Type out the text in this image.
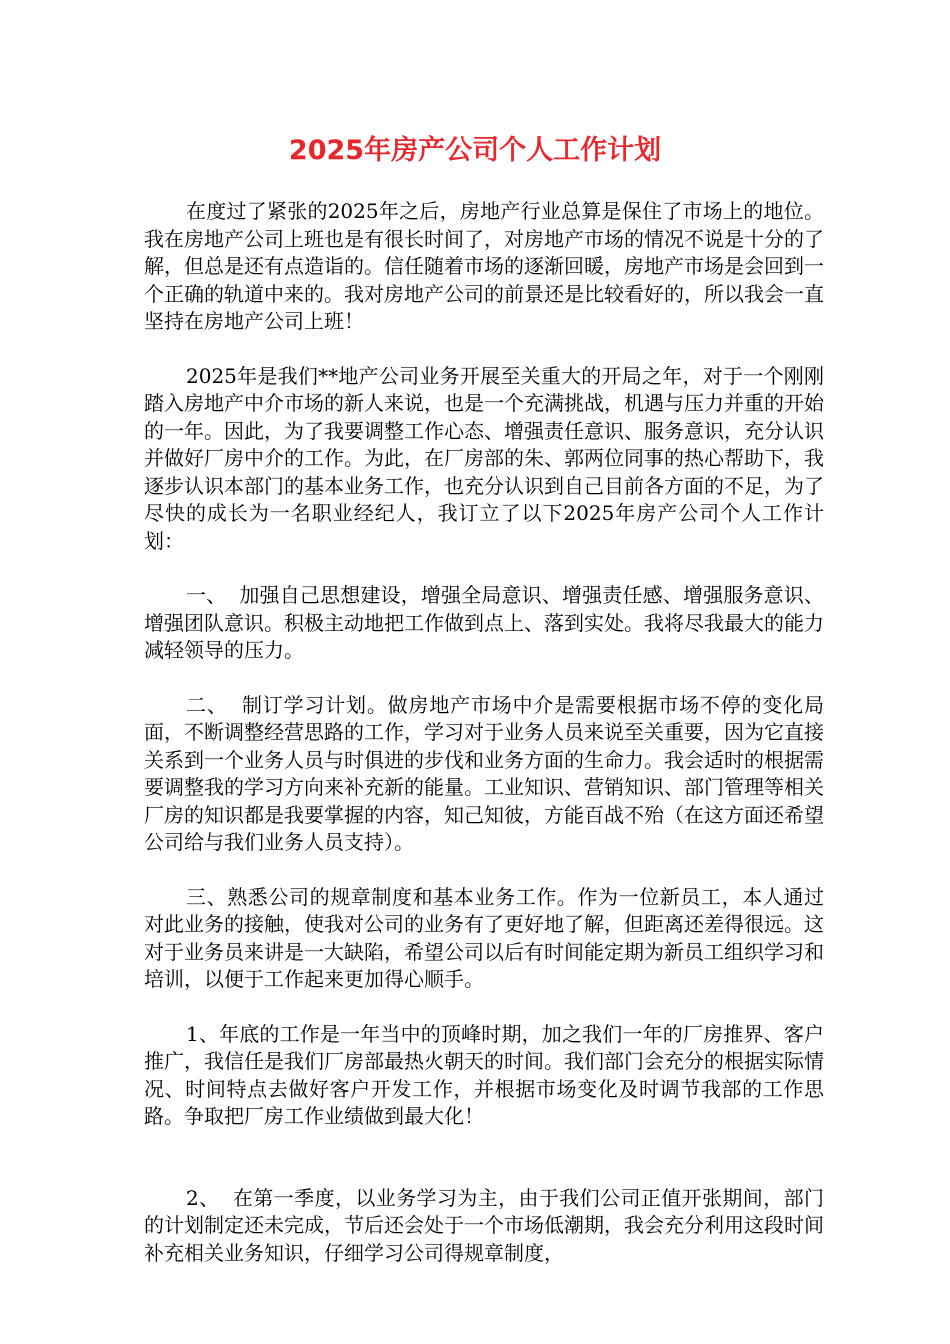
2025年房产公司个人工作计划

在度过了紧张的2025年之后，房地产行业总算是保住了市场上的地位。我在房地产公司上班也是有很长时间了，对房地产市场的情况不说是十分的了解，但总是还有点造诣的。信任随着市场的逐渐回暖，房地产市场是会回到一个正确的轨道中来的。我对房地产公司的前景还是比较看好的，所以我会一直坚持在房地产公司上班！

2025年是我们**地产公司业务开展至关重大的开局之年，对于一个刚刚踏入房地产中介市场的新人来说，也是一个充满挑战，机遇与压力并重的开始的一年。因此，为了我要调整工作心态、增强责任意识、服务意识，充分认识并做好厂房中介的工作。为此，在厂房部的朱、郭两位同事的热心帮助下，我逐步认识本部门的基本业务工作，也充分认识到自己目前各方面的不足，为了尽快的成长为一名职业经纪人，我订立了以下2025年房产公司个人工作计划：

一、  加强自己思想建设，增强全局意识、增强责任感、增强服务意识、增强团队意识。积极主动地把工作做到点上、落到实处。我将尽我最大的能力减轻领导的压力。

二、  制订学习计划。做房地产市场中介是需要根据市场不停的变化局面，不断调整经营思路的工作，学习对于业务人员来说至关重要，因为它直接关系到一个业务人员与时俱进的步伐和业务方面的生命力。我会适时的根据需要调整我的学习方向来补充新的能量。工业知识、营销知识、部门管理等相关厂房的知识都是我要掌握的内容，知己知彼，方能百战不殆（在这方面还希望公司给与我们业务人员支持）。

三、熟悉公司的规章制度和基本业务工作。作为一位新员工，本人通过对此业务的接触，使我对公司的业务有了更好地了解，但距离还差得很远。这对于业务员来讲是一大缺陷，希望公司以后有时间能定期为新员工组织学习和培训，以便于工作起来更加得心顺手。

1、年底的工作是一年当中的顶峰时期，加之我们一年的厂房推界、客户推广，我信任是我们厂房部最热火朝天的时间。我们部门会充分的根据实际情况、时间特点去做好客户开发工作，并根据市场变化及时调节我部的工作思路。争取把厂房工作业绩做到最大化！

2、  在第一季度，以业务学习为主，由于我们公司正值开张期间，部门的计划制定还未完成，节后还会处于一个市场低潮期，我会充分利用这段时间补充相关业务知识，仔细学习公司得规章制度，
